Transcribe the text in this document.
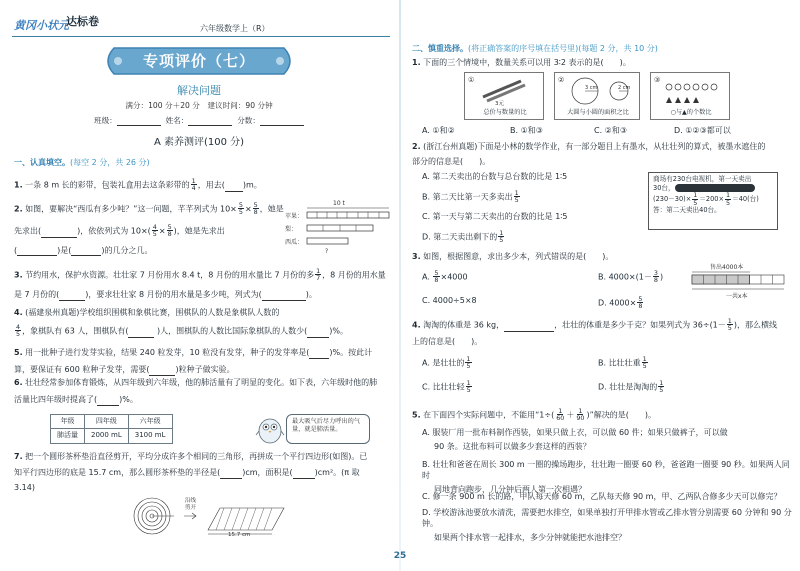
黄冈小状元
达标卷
六年级数学上（R）
专项评价（七）
解决问题
满分：100 分＋20 分　建议时间：90 分钟
班级：	姓名：	分数：
A 素养测评(100 分)
一、认真填空。(每空 2 分，共 26 分)
1. 一条 8 m 长的彩带，包装礼盒用去这条彩带的 $\frac{1}{4}$ ，用去( )m。
2. 如图，要解决“西瓜有多少吨？”这一问题，芊芊列式为 $10\times \frac{5}{5} \times \frac{5}{8}$ ，她是
先求出(	)，依依列式为 $10\times( \frac{4}{5} \times \frac{5}{8}$ )，她是先求出
(	)是(	)的几分之几。
10 t
苹果：
梨：
西瓜：
?
3. 节约用水，保护水资源。壮壮家 7 月份用水 8.4 t，8 月份的用水量比 7 月份的多 $\frac{1}{7}$ ，8 月份的用水量
是 7 月份的(	)，要求壮壮家 8 月份的用水量是多少吨，列式为(	)。
4. (福建泉州真题)学校组织围棋和象棋比赛，围棋队的人数是象棋队人数的
$\frac{4}{5}$ ，象棋队有 63 人，围棋队有(	)人，围棋队的人数比国际象棋队的人数少(	)%。
5. 用一批种子进行发芽实验，结果 240 粒发芽，10 粒没有发芽，种子的发芽率是(	)%。按此计
算，要保证有 600 粒种子发芽，需要(	)粒种子做实验。
6. 壮壮经常参加体育锻炼，从四年级到六年级，他的肺活量有了明显的变化。如下表，六年级时他的肺
活量比四年级时提高了(	)%。
年级	四年级	六年级
肺活量	2000 mL	3100 mL
最大吸气后尽力呼出的气量，就是肺活量。
7. 把一个圆形茶杯垫沿直径剪开，平均分成许多个相同的三角形，再拼成一个平行四边形(如图)。已
知平行四边形的底是 15.7 cm，那么圆形茶杯垫的半径是(	)cm，面积是(	)cm²。(π 取
3.14)
沿线
剪开
15.7 cm
二、慎重选择。(将正确答案的序号填在括号里)(每题 2 分，共 10 分)
1. 下面的三个情境中，数量关系可以用 3∶2 表示的是(　　)。
①
3元
总价与数量的比
②
3 cm	2 cm
大圆与小圆的面积之比
③
○与▲的个数比
A. ①和②	B. ①和③	C. ②和③	D. ①②③都可以
2. (浙江台州真题)下面是小林的数学作业，有一部分题目上有墨水，从壮壮列的算式，被墨水遮住的
部分的信息是(　　)。
A. 第二天卖出的台数与总台数的比是 1∶5
B. 第二天比第一天多卖出 $\frac{1}{5}$
C. 第一天与第二天卖出的台数的比是 1∶5
D. 第二天卖出剩下的 $\frac{1}{5}$
商场有230台电视机，第一天卖出
30台，
$(230-30)\times \frac{1}{5} =200\times \frac{1}{5} =40$(台)
答：第二天卖出40台。
3. 如图，根据图意，求出多少本，列式错误的是(　　)。
A. $\frac{5}{8} \times 4000$	B. $4000\times(1- \frac{3}{8}$ )
C. 4000÷5×8	D. $4000\times \frac{5}{8}$
售出4000本
一共x本
4. 淘淘的体重是 36 kg，	，壮壮的体重是多少千克？如果列式为 $36\div(1- \frac{1}{5}$ )，那么横线
上的信息是(　　)。
A. 是壮壮的 $\frac{1}{5}$	B. 比壮壮重 $\frac{1}{5}$
C. 比壮壮轻 $\frac{1}{5}$	D. 壮壮是淘淘的 $\frac{1}{5}$
5. 在下面四个实际问题中，不能用“$1\div( \frac{1}{60} + \frac{1}{90}$ )”解决的是(　　)。
A. 服装厂用一批布料制作西装，如果只做上衣，可以做 60 件；如果只做裤子，可以做
90 条。这批布料可以做多少套这样的西装？
B. 壮壮和爸爸在周长 300 m 一圈的操场跑步，壮壮跑一圈要 60 秒，爸爸跑一圈要 90 秒。如果两人同时
同地背向跑步，几分钟后两人第一次相遇？
C. 修一条 900 m 长的路，甲队每天修 60 m，乙队每天修 90 m，甲、乙两队合修多少天可以修完？
D. 学校游泳池要放水清洗，需要把水排空，如果单独打开甲排水管或乙排水管分别需要 60 分钟和 90 分钟。
如果两个排水管一起排水，多少分钟就能把水池排空？
25
